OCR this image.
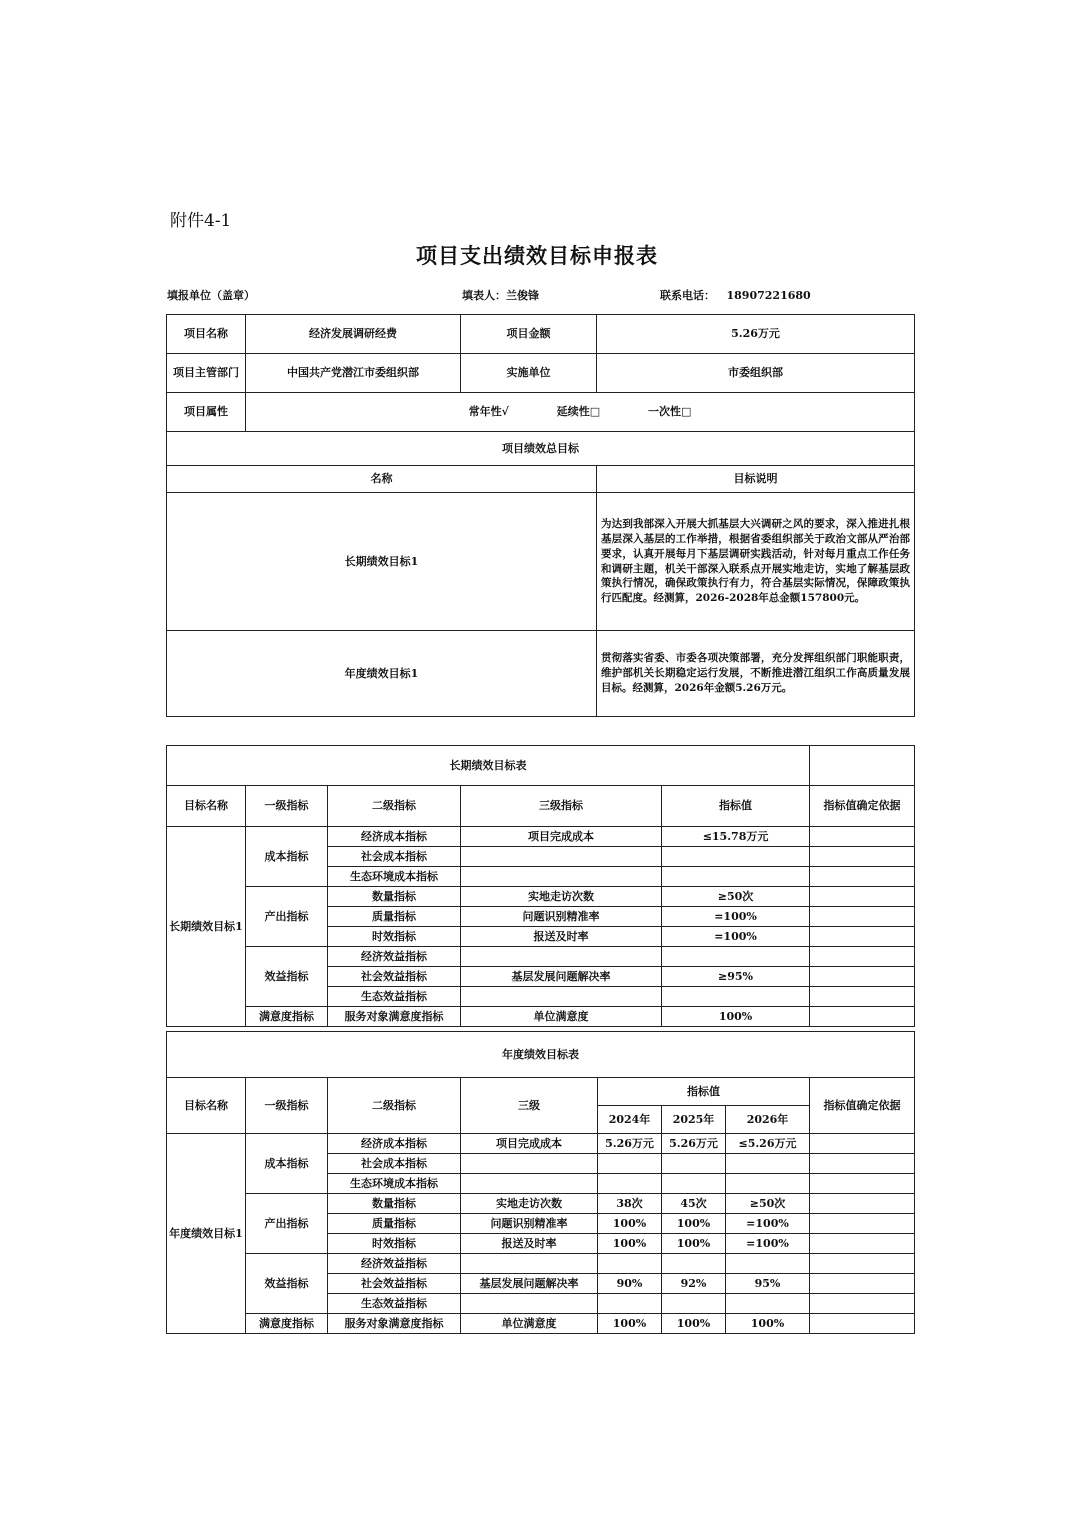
附件4-1
项目支出绩效目标申报表
填报单位（盖章）	填表人：兰俊锋	联系电话： 18907221680
项目名称	经济发展调研经费	项目金额	5.26万元
项目主管部门	中国共产党潜江市委组织部	实施单位	市委组织部
项目属性	常年性√ 延续性□ 一次性□		
项目绩效总目标			
名称			目标说明
长期绩效目标1			为达到我部深入开展大抓基层大兴调研之风的要求，深入推进扎根基层深入基层的工作举措，根据省委组织部关于政治文部从严治部要求，认真开展每月下基层调研实践活动，针对每月重点工作任务和调研主题，机关干部深入联系点开展实地走访，实地了解基层政策执行情况，确保政策执行有力，符合基层实际情况，保障政策执行匹配度。经测算，2026-2028年总金额157800元。
年度绩效目标1			贯彻落实省委、市委各项决策部署，充分发挥组织部门职能职责，维护部机关长期稳定运行发展，不断推进潜江组织工作高质量发展目标。经测算，2026年金额5.26万元。
长期绩效目标表					
目标名称	一级指标	二级指标	三级指标	指标值	指标值确定依据
长期绩效目标1	成本指标	经济成本指标	项目完成成本	≤15.78万元	
		社会成本指标			
		生态环境成本指标			
	产出指标	数量指标	实地走访次数	≥50次	
		质量指标	问题识别精准率	=100%	
		时效指标	报送及时率	=100%	
	效益指标	经济效益指标			
		社会效益指标	基层发展问题解决率	≥95%	
		生态效益指标			
	满意度指标	服务对象满意度指标	单位满意度	100%	
年度绩效目标表							
目标名称	一级指标	二级指标	三级	指标值			指标值确定依据
				2024年	2025年	2026年	
年度绩效目标1	成本指标	经济成本指标	项目完成成本	5.26万元	5.26万元	≤5.26万元	
		社会成本指标					
		生态环境成本指标					
	产出指标	数量指标	实地走访次数	38次	45次	≥50次	
		质量指标	问题识别精准率	100%	100%	=100%	
		时效指标	报送及时率	100%	100%	=100%	
	效益指标	经济效益指标					
		社会效益指标	基层发展问题解决率	90%	92%	95%	
		生态效益指标					
	满意度指标	服务对象满意度指标	单位满意度	100%	100%	100%	
